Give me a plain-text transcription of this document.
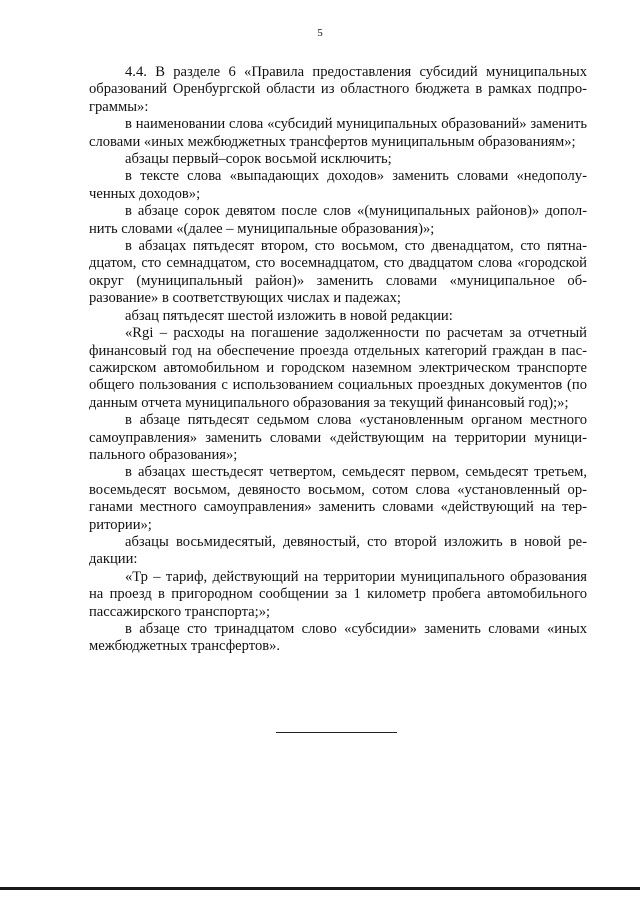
5

4.4. В разделе 6 «Правила предоставления субсидий муниципальных образований Оренбургской области из областного бюджета в рамках подпрограммы»:

в наименовании слова «субсидий муниципальных образований» заменить словами «иных межбюджетных трансфертов муниципальным образованиям»;

абзацы первый–сорок восьмой исключить;

в тексте слова «выпадающих доходов» заменить словами «недополученных доходов»;

в абзаце сорок девятом после слов «(муниципальных районов)» дополнить словами «(далее – муниципальные образования)»;

в абзацах пятьдесят втором, сто восьмом, сто двенадцатом, сто пятнадцатом, сто семнадцатом, сто восемнадцатом, сто двадцатом слова «городской округ (муниципальный район)» заменить словами «муниципальное образование» в соответствующих числах и падежах;

абзац пятьдесят шестой изложить в новой редакции:

«Rgi – расходы на погашение задолженности по расчетам за отчетный финансовый год на обеспечение проезда отдельных категорий граждан в пассажирском автомобильном и городском наземном электрическом транспорте общего пользования с использованием социальных проездных документов (по данным отчета муниципального образования за текущий финансовый год);»;

в абзаце пятьдесят седьмом слова «установленным органом местного самоуправления» заменить словами «действующим на территории муниципального образования»;

в абзацах шестьдесят четвертом, семьдесят первом, семьдесят третьем, восемьдесят восьмом, девяносто восьмом, сотом слова «установленный органами местного самоуправления» заменить словами «действующий на территории»;

абзацы восьмидесятый, девяностый, сто второй изложить в новой редакции:

«Тр – тариф, действующий на территории муниципального образования на проезд в пригородном сообщении за 1 километр пробега автомобильного пассажирского транспорта;»;

в абзаце сто тринадцатом слово «субсидии» заменить словами «иных межбюджетных трансфертов».
